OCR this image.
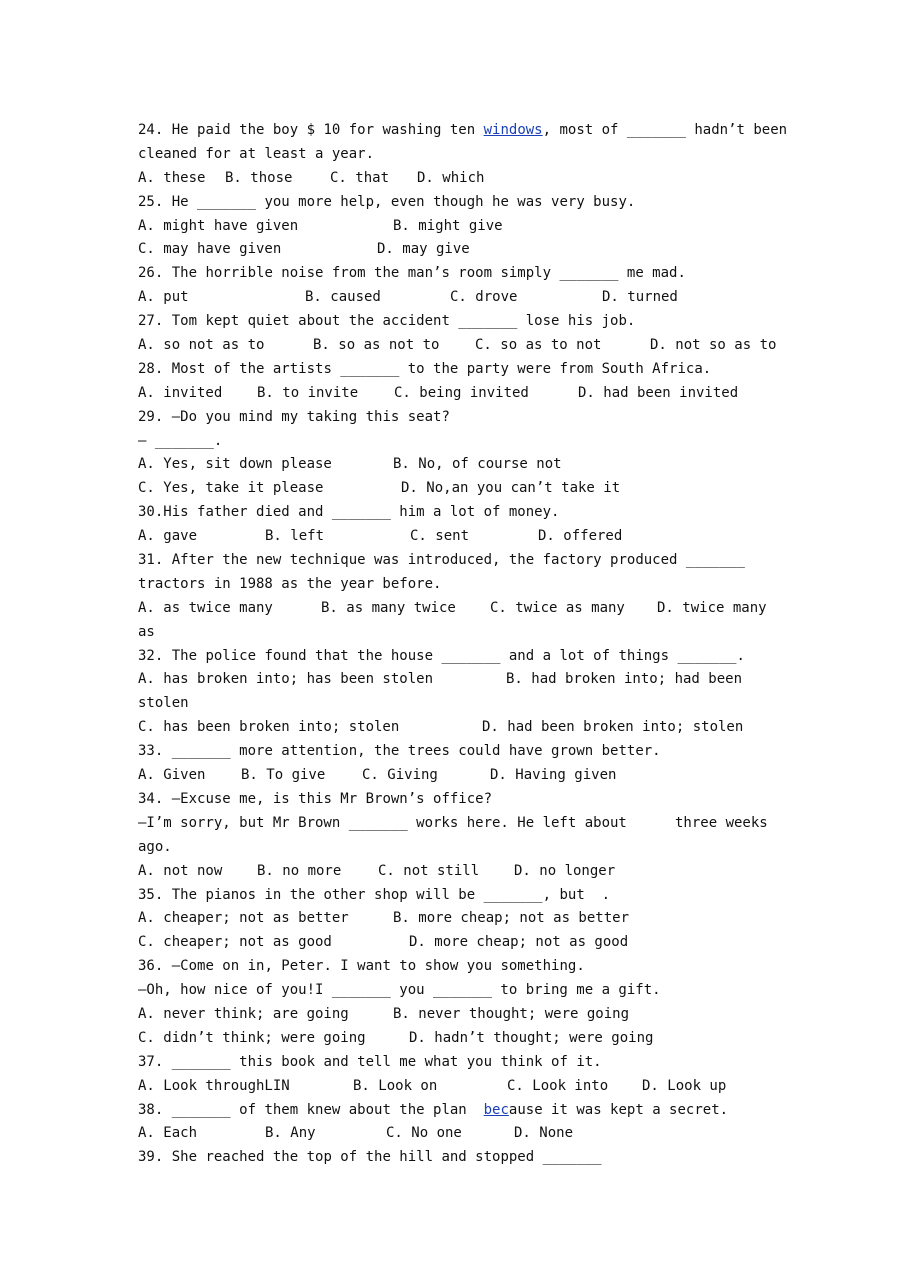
24. He paid the boy $ 10 for washing ten windows, most of _______ hadn’t been
cleaned for at least a year.
A. these B. those	C. that D. which
25. He _______ you more help, even though he was very busy.
A. might have given	B. might give
C. may have given	D. may give
26. The horrible noise from the man’s room simply _______ me mad.
A. put	B. caused	C. drove	D. turned
27. Tom kept quiet about the accident _______ lose his job.
A. so not as to	B. so as not to	C. so as to not	D. not so as to
28. Most of the artists _______ to the party were from South Africa.
A. invited B. to invite	C. being invited	D. had been invited
29. —Do you mind my taking this seat?
— _______.
A. Yes, sit down please	B. No, of course not
C. Yes, take it please	D. No,an you can’t take it
30.His father died and _______ him a lot of money.
A. gave	B. left	C. sent	D. offered
31. After the new technique was introduced, the factory produced _______
tractors in 1988 as the year before.
A. as twice many	B. as many twice C. twice as many D. twice many
as
32. The police found that the house _______ and a lot of things _______.
A. has broken into; has been stolen	B. had broken into; had been
stolen
C. has been broken into; stolen	D. had been broken into; stolen
33. _______ more attention, the trees could have grown better.
A. Given	B. To give	C. Giving	D. Having given
34. —Excuse me, is this Mr Brown’s office?
—I’m sorry, but Mr Brown _______ works here. He left about	three weeks
ago.
A. not now B. no more	C. not still D. no longer
35. The pianos in the other shop will be _______, but  .
A. cheaper; not as better	B. more cheap; not as better
C. cheaper; not as good	D. more cheap; not as good
36. —Come on in, Peter. I want to show you something.
—Oh, how nice of you!I _______ you _______ to bring me a gift.
A. never think; are going	B. never thought; were going
C. didn’t think; were going	D. hadn’t thought; were going
37. _______ this book and tell me what you think of it.
A. Look throughLIN	B. Look on	C. Look into D. Look up
38. _______ of them knew about the plan  because it was kept a secret.
A. Each	B. Any	C. No one	D. None
39. She reached the top of the hill and stopped _______
